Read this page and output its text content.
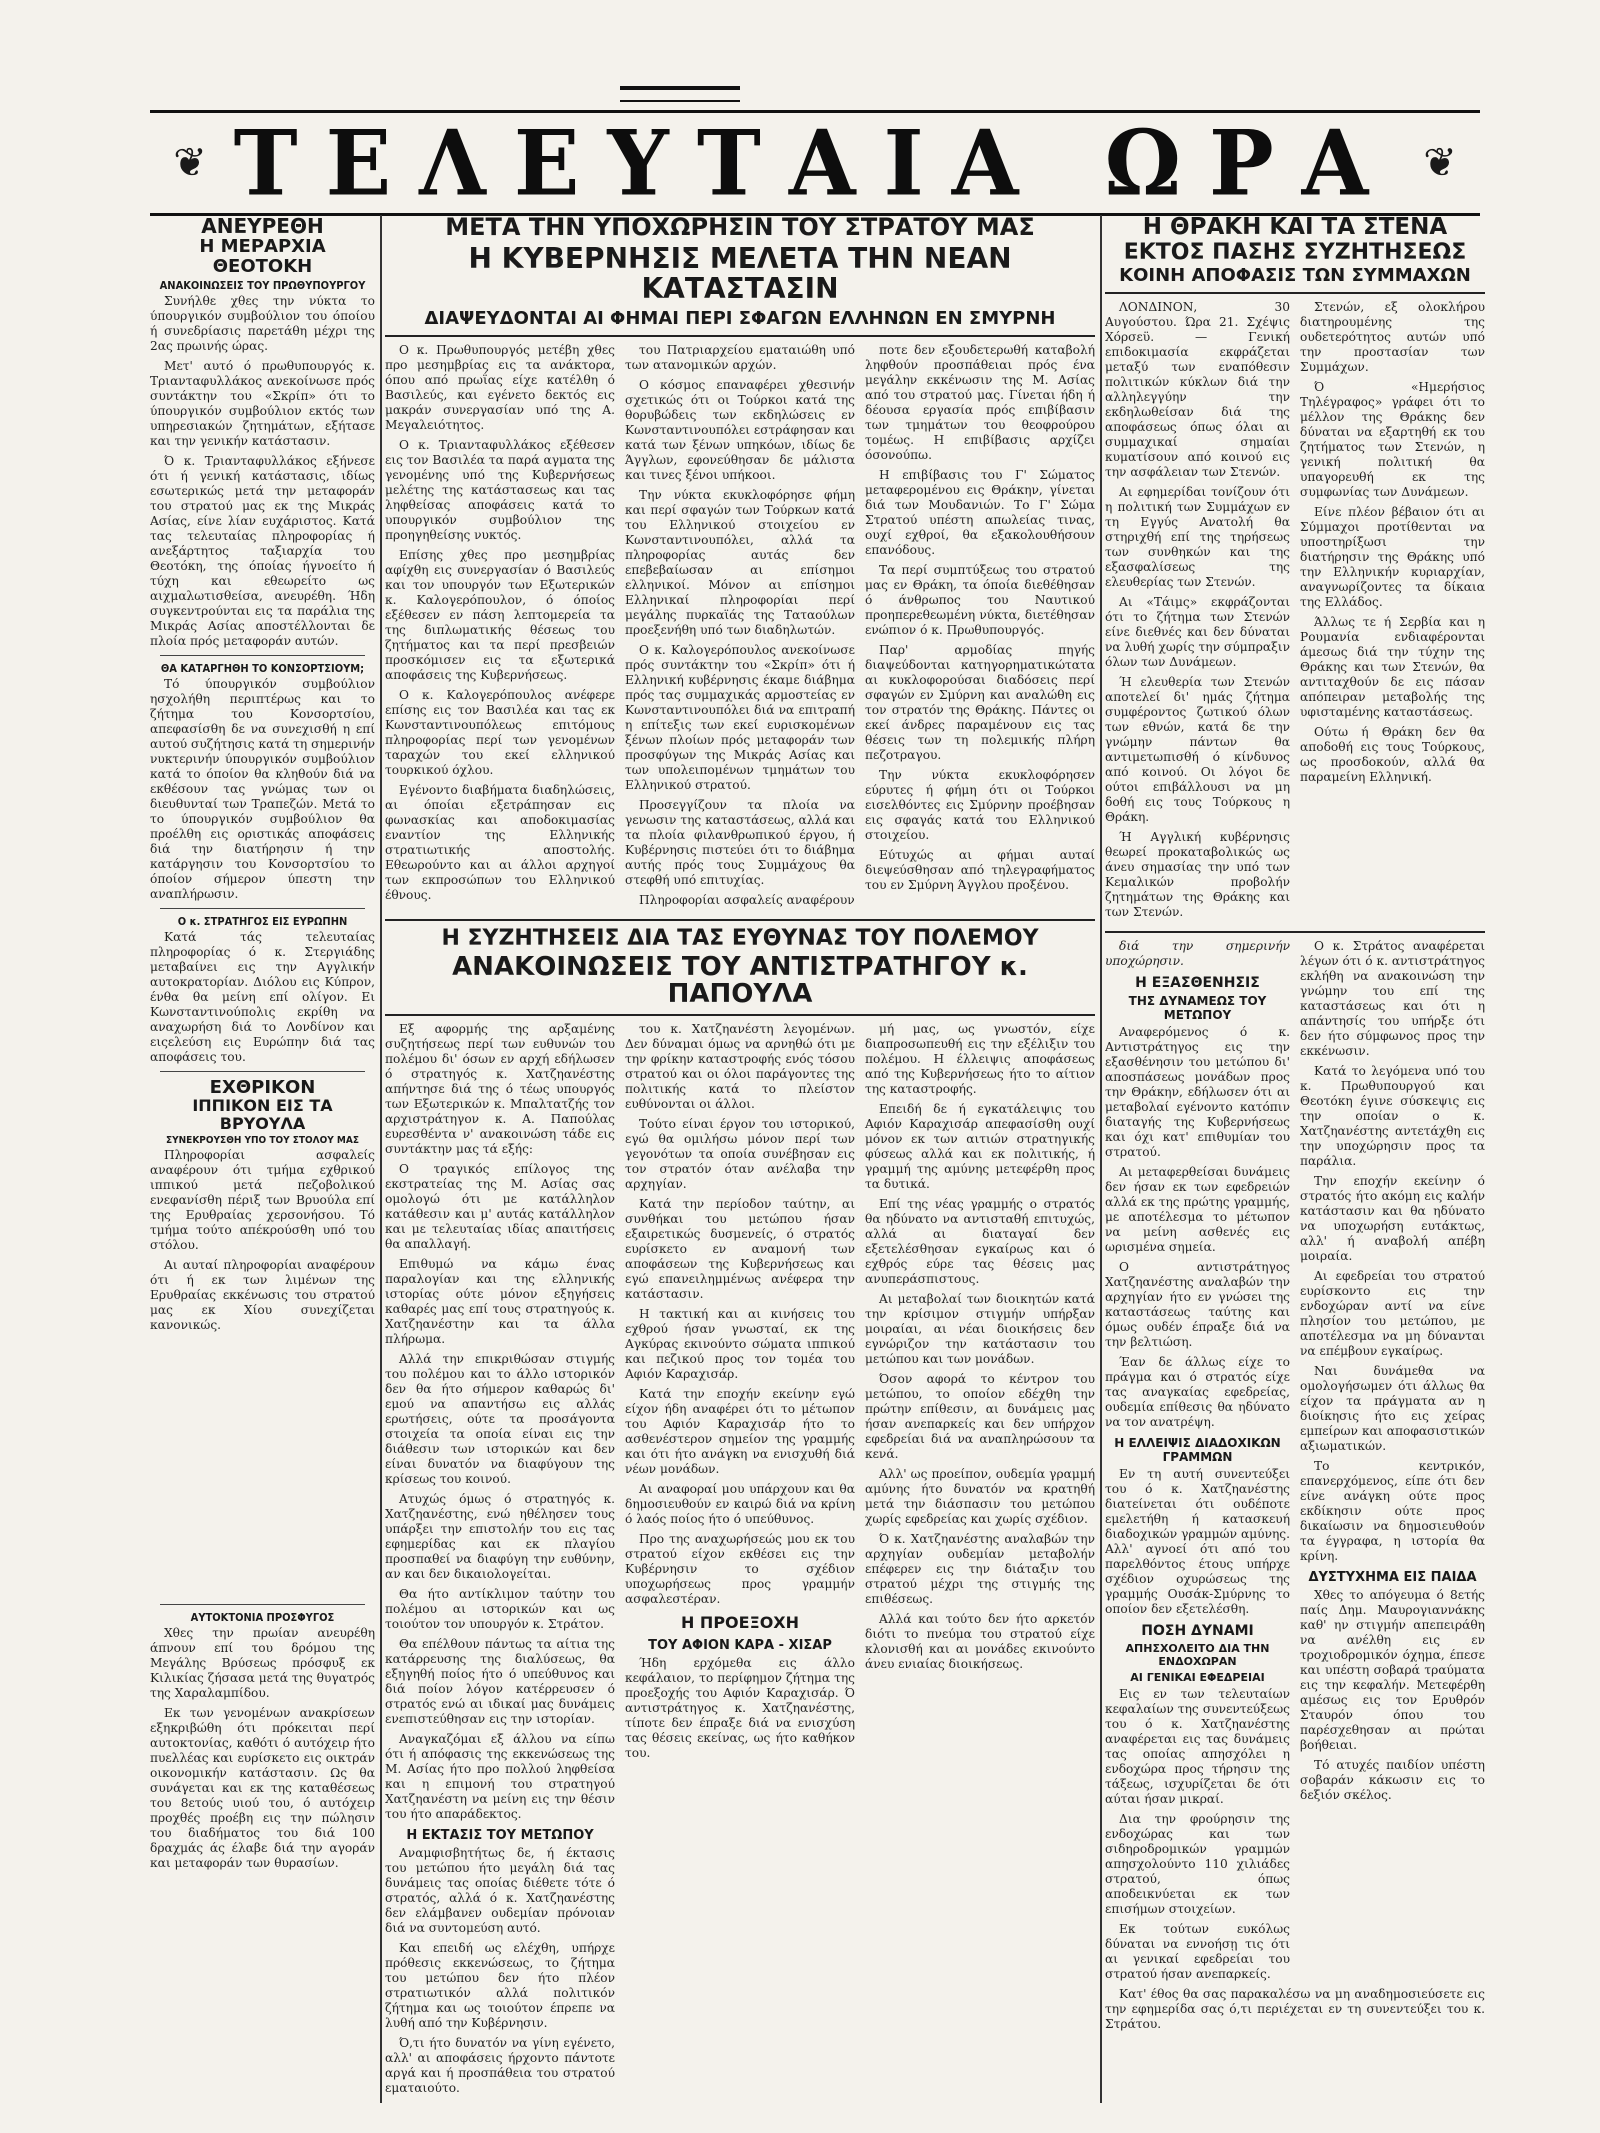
❦ ΤΕΛΕΥΤΑΙΑ ΩΡΑ ❦
ΑΝΕΥΡΕΘΗ
Η ΜΕΡΑΡΧΙΑ ΘΕΟΤΟΚΗ
ΑΝΑΚΟΙΝΩΣΕΙΣ ΤΟΥ ΠΡΩΘΥΠΟΥΡΓΟΥ

Συνήλθε χθες την νύκτα το ύπουργικόν συμβούλιον του όποίου ή συνεδρίασις παρετάθη μέχρι της 2ας πρωινής ώρας.

Μετ' αυτό ό πρωθυπουργός κ. Τριανταφυλλάκος ανεκοίνωσε πρός συντάκτην του «Σκρίπ» ότι το ύπουργικόν συμβούλιον εκτός των υπηρεσιακών ζητημάτων, εξήτασε και την γενικήν κατάστασιν.

Ό κ. Τριανταφυλλάκος εξήνεσε ότι ή γενική κατάστασις, ιδίως εσωτερικώς μετά την μεταφοράν του στρατού μας εκ της Μικράς Ασίας, είνε λίαν ευχάριστος. Κατά τας τελευταίας πληροφορίας ή ανεξάρτητος ταξιαρχία του Θεοτόκη, της όποίας ήγνοείτο ή τύχη και εθεωρείτο ως αιχμαλωτισθείσα, ανευρέθη. Ήδη συγκεντρούνται εις τα παράλια της Μικράς Ασίας αποστέλλονται δε πλοία πρός μεταφοράν αυτών.

ΘΑ ΚΑΤΑΡΓΗΘΗ ΤΟ ΚΟΝΣΟΡΤΣΙΟΥΜ;

Τό ύπουργικόν συμβούλιον ησχολήθη περιπτέρως και το ζήτημα του Κονσορτσίου, απεφασίσθη δε να συνεχισθή η επί αυτού συζήτησις κατά τη σημερινήν νυκτερινήν ύπουργικόν συμβούλιον κατά το όποίον θα κληθούν διά να εκθέσουν τας γνώμας των οι διευθυνταί των Τραπεζών. Μετά το το ύπουργικόν συμβούλιον θα προέλθη εις οριστικάς αποφάσεις διά την διατήρησιν ή την κατάργησιν του Κονσορτσίου το όποίον σήμερον ύπεστη την αναπλήρωσιν.

Ο κ. ΣΤΡΑΤΗΓΟΣ ΕΙΣ ΕΥΡΩΠΗΝ

Κατά τάς τελευταίας πληροφορίας ό κ. Στεργιάδης μεταβαίνει εις την Αγγλικήν αυτοκρατορίαν. Διόλου εις Κύπρον, ένθα θα μείνη επί ολίγον. Ει Κωνσταντινούπολις εκρίθη να αναχωρήση διά το Λονδίνον και ειςελεύση εις Ευρώπην διά τας αποφάσεις του.

ΕΧΘΡΙΚΟΝ
ΙΠΠΙΚΟΝ ΕΙΣ ΤΑ ΒΡΥΟΥΛΑ
ΣΥΝΕΚΡΟΥΣΘΗ ΥΠΟ ΤΟΥ ΣΤΟΛΟΥ ΜΑΣ

Πληροφορίαι ασφαλείς αναφέρουν ότι τμήμα εχθρικού ιππικού μετά πεζοβολικού ενεφανίσθη πέριξ των Βρυούλα επί της Ερυθραίας χερσονήσου. Τό τμήμα τούτο απέκρούσθη υπό του στόλου.

Αι αυταί πληροφορίαι αναφέρουν ότι ή εκ των λιμένων της Ερυθραίας εκκένωσις του στρατού μας εκ Χίου συνεχίζεται κανονικώς.

ΑΥΤΟΚΤΟΝΙΑ ΠΡΟΣΦΥΓΟΣ

Χθες την πρωίαν ανευρέθη άπνουν επί του δρόμου της Μεγάλης Βρύσεως πρόσφυξ εκ Κιλικίας ζήσασα μετά της θυγατρός της Χαραλαμπίδου.

Εκ των γενομένων ανακρίσεων εξηκριβώθη ότι πρόκειται περί αυτοκτονίας, καθότι ό αυτόχειρ ήτο πυελλέας και ευρίσκετο εις οικτράν οικονομικήν κατάστασιν. Ως θα συνάγεται και εκ της καταθέσεως του 8ετούς υιού του, ό αυτόχειρ προχθές προέβη εις την πώλησιν του διαδήματος του διά 100 δραχμάς άς έλαβε διά την αγοράν και μεταφοράν των θυρασίων.

ΜΕΤΑ ΤΗΝ ΥΠΟΧΩΡΗΣΙΝ ΤΟΥ ΣΤΡΑΤΟΥ ΜΑΣ
Η ΚΥΒΕΡΝΗΣΙΣ ΜΕΛΕΤΑ ΤΗΝ ΝΕΑΝ ΚΑΤΑΣΤΑΣΙΝ
ΔΙΑΨΕΥΔΟΝΤΑΙ ΑΙ ΦΗΜΑΙ ΠΕΡΙ ΣΦΑΓΩΝ ΕΛΛΗΝΩΝ ΕΝ ΣΜΥΡΝΗ

Ο κ. Πρωθυπουργός μετέβη χθες προ μεσημβρίας εις τα ανάκτορα, όπου από πρωΐας είχε κατέλθη ό Βασιλεύς, και εγένετο δεκτός εις μακράν συνεργασίαν υπό της Α. Μεγαλειότητος.

Ο κ. Τριανταφυλλάκος εξέθεσεν εις τον Βασιλέα τα παρά αγματα της γενομένης υπό της Κυβερνήσεως μελέτης της κατάστασεως και τας ληφθείσας αποφάσεις κατά το υπουργικόν συμβούλιον της προηγηθείσης νυκτός.

Επίσης χθες προ μεσημβρίας αφίχθη εις συνεργασίαν ό Βασιλεύς και τον υπουργόν των Εξωτερικών κ. Καλογερόπουλον, ό όποίος εξέθεσεν εν πάση λεπτομερεία τα της διπλωματικής θέσεως του ζητήματος και τα περί πρεσβειών προσκόμισεν εις τα εξωτερικά αποφάσεις της Κυβερνήσεως.

Ο κ. Καλογερόπουλος ανέφερε επίσης εις τον Βασιλέα και τας εκ Κωνσταντινουπόλεως επιτόμους πληροφορίας περί των γενομένων ταραχών του εκεί ελληνικού τουρκικού όχλου.

Εγένοντο διαβήματα διαδηλώσεις, αι όποίαι εξετράπησαν εις φωνασκίας και αποδοκιμασίας εναντίον της Ελληνικής στρατιωτικής αποστολής. Εθεωρούντο και αι άλλοι αρχηγοί των εκπροσώπων του Ελληνικού έθνους.

του Πατριαρχείου εματαιώθη υπό των ατανομικών αρχών.

Ο κόσμος επαναφέρει χθεσινήν σχετικώς ότι οι Τούρκοι κατά της θορυβώδεις των εκδηλώσεις εν Κωνσταντινουπόλει εστράφησαν και κατά των ξένων υπηκόων, ιδίως δε Άγγλων, εφονεύθησαν δε μάλιστα και τινες ξένοι υπήκοοι.

Την νύκτα εκυκλοφόρησε φήμη και περί σφαγών των Τούρκων κατά του Ελληνικού στοιχείου εν Κωνσταντινουπόλει, αλλά τα πληροφορίας αυτάς δεν επεβεβαίωσαν αι επίσημοι ελληνικοί. Μόνον αι επίσημοι Ελληνικαί πληροφορίαι περί μεγάλης πυρκαϊάς της Ταταούλων προεξενήθη υπό των διαδηλωτών.

Ο κ. Καλογερόπουλος ανεκοίνωσε πρός συντάκτην του «Σκρίπ» ότι ή Ελληνική κυβέρνησις έκαμε διάβημα πρός τας συμμαχικάς αρμοστείας εν Κωνσταντινουπόλει διά να επιτραπή η επίτεξις των εκεί ευρισκομένων ξένων πλοίων πρός μεταφοράν των προσφύγων της Μικράς Ασίας και των υπολειπομένων τμημάτων του Ελληνικού στρατού.

Προσεγγίζουν τα πλοία να γενωσιν της καταστάσεως, αλλά και τα πλοία φιλανθρωπικού έργου, ή Κυβέρνησις πιστεύει ότι το διάβημα αυτής πρός τους Συμμάχους θα στεφθή υπό επιτυχίας.

Πληροφορίαι ασφαλείς αναφέρουν

ποτε δεν εξουδετερωθή καταβολή ληφθούν προσπάθειαι πρός ένα μεγάλην εκκένωσιν της Μ. Ασίας από του στρατού μας. Γίνεται ήδη ή δέουσα εργασία πρός επιβίβασιν των τμημάτων του θεοφρούρου τομέως. Η επιβίβασις αρχίζει όσονούπω.

Η επιβίβασις του Γ' Σώματος μεταφερομένου εις Θράκην, γίνεται διά των Μουδανιών. Το Γ' Σώμα Στρατού υπέστη απωλείας τινας, ουχί εχθροί, θα εξακολουθήσουν επανόδους.

Τα περί συμπτύξεως του στρατού μας εν Θράκη, τα όποία διεθέθησαν ό άνθρωπος του Ναυτικού προηπερεθεωμένη νύκτα, διετέθησαν ενώπιον ό κ. Πρωθυπουργός.

Παρ' αρμοδίας πηγής διαψεύδονται κατηγορηματικώτατα αι κυκλοφορούσαι διαδόσεις περί σφαγών εν Σμύρνη και αναλώθη εις τον στρατόν της Θράκης. Πάντες οι εκεί άνδρες παραμένουν εις τας θέσεις των τη πολεμικής πλήρη πεζοτραγου.

Την νύκτα εκυκλοφόρησεν εύρυτες ή φήμη ότι οι Τούρκοι εισελθόντες εις Σμύρνην προέβησαν εις σφαγάς κατά του Ελληνικού στοιχείου.

Εύτυχώς αι φήμαι αυταί διεψεύσθησαν από τηλεγραφήματος του εν Σμύρνη Άγγλου προξένου.

Η ΣΥΖΗΤΗΣΕΙΣ ΔΙΑ ΤΑΣ ΕΥΘΥΝΑΣ ΤΟΥ ΠΟΛΕΜΟΥ
ΑΝΑΚΟΙΝΩΣΕΙΣ ΤΟΥ ΑΝΤΙΣΤΡΑΤΗΓΟΥ κ. ΠΑΠΟΥΛΑ

Εξ αφορμής της αρξαμένης συζητήσεως περί των ευθυνών του πολέμου δι' όσων εν αρχή εδήλωσεν ό στρατηγός κ. Χατζηανέστης απήντησε διά της ό τέως υπουργός των Εξωτερικών κ. Μπαλτατζής τον αρχιστράτηγον κ. Α. Παπούλας ευρεσθέντα ν' ανακοινώση τάδε εις συντάκτην μας τά εξής:

Ο τραγικός επίλογος της εκστρατείας της Μ. Ασίας σας ομολογώ ότι με κατάλληλον κατάθεσιν και μ' αυτάς κατάλληλον και με τελευταίας ιδίας απαιτήσεις θα απαλλαγή.

Επιθυμώ να κάμω ένας παραλογίαν και της ελληνικής ιστορίας ούτε μόνον εξηγήσεις καθαρές μας επί τους στρατηγούς κ. Χατζηανέστην και τα άλλα πλήρωμα.

Αλλά την επικριθώσαν στιγμής του πολέμου και το άλλο ιστορικόν δεν θα ήτο σήμερον καθαρώς δι' εμού να απαντήσω εις αλλάς ερωτήσεις, ούτε τα προσάγοντα στοιχεία τα οποία είναι εις την διάθεσιν των ιστορικών και δεν είναι δυνατόν να διαφύγουν της κρίσεως του κοινού.

Ατυχώς όμως ό στρατηγός κ. Χατζηανέστης, ενώ ηθέλησεν τους υπάρξει την επιστολήν του εις τας εφημερίδας και εκ πλαγίου προσπαθεί να διαφύγη την ευθύνην, αν και δεν δικαιολογείται.

Θα ήτο αντίκλιμον ταύτην του πολέμου αι ιστορικών και ως τοιούτον τον υπουργόν κ. Στράτον.

Θα επέλθουν πάντως τα αίτια της κατάρρευσης της διαλύσεως, θα εξηγηθή ποίος ήτο ό υπεύθυνος και διά ποίον λόγον κατέρρευσεν ό στρατός ενώ αι ιδικαί μας δυνάμεις ενεπιστεύθησαν εις την ιστορίαν.

Αναγκαζόμαι εξ άλλου να είπω ότι ή απόφασις της εκκενώσεως της Μ. Ασίας ήτο προ πολλού ληφθείσα και η επιμονή του στρατηγού Χατζηανέστη να μείνη εις την θέσιν του ήτο απαράδεκτος.

Η ΕΚΤΑΣΙΣ ΤΟΥ ΜΕΤΩΠΟΥ

Αναμφισβητήτως δε, ή έκτασις του μετώπου ήτο μεγάλη διά τας δυνάμεις τας οποίας διέθετε τότε ό στρατός, αλλά ό κ. Χατζηανέστης δεν ελάμβανεν ουδεμίαν πρόνοιαν διά να συντομεύση αυτό.

Και επειδή ως ελέχθη, υπήρχε πρόθεσις εκκενώσεως, το ζήτημα του μετώπου δεν ήτο πλέον στρατιωτικόν αλλά πολιτικόν ζήτημα και ως τοιούτον έπρεπε να λυθή από την Κυβέρνησιν.

Ό,τι ήτο δυνατόν να γίνη εγένετο, αλλ' αι αποφάσεις ήρχοντο πάντοτε αργά και ή προσπάθεια του στρατού εματαιούτο.

του κ. Χατζηανέστη λεγομένων. Δεν δύναμαι όμως να αρνηθώ ότι με την φρίκην καταστροφής ενός τόσου στρατού και οι όλοι παράγοντες της πολιτικής κατά το πλείστον ευθύνονται οι άλλοι.

Τούτο είναι έργον του ιστορικού, εγώ θα ομιλήσω μόνον περί των γεγονότων τα οποία συνέβησαν εις τον στρατόν όταν ανέλαβα την αρχηγίαν.

Κατά την περίοδον ταύτην, αι συνθήκαι του μετώπου ήσαν εξαιρετικώς δυσμενείς, ό στρατός ευρίσκετο εν αναμονή των αποφάσεων της Κυβερνήσεως και εγώ επανειλημμένως ανέφερα την κατάστασιν.

Η τακτική και αι κινήσεις του εχθρού ήσαν γνωσταί, εκ της Αγκύρας εκινούντο σώματα ιππικού και πεζικού προς τον τομέα του Αφιόν Καραχισάρ.

Κατά την εποχήν εκείνην εγώ είχον ήδη αναφέρει ότι το μέτωπον του Αφιόν Καραχισάρ ήτο το ασθενέστερον σημείον της γραμμής και ότι ήτο ανάγκη να ενισχυθή διά νέων μονάδων.

Αι αναφοραί μου υπάρχουν και θα δημοσιευθούν εν καιρώ διά να κρίνη ό λαός ποίος ήτο ό υπεύθυνος.

Προ της αναχωρήσεώς μου εκ του στρατού είχον εκθέσει εις την Κυβέρνησιν το σχέδιον υποχωρήσεως προς γραμμήν ασφαλεστέραν.

Η ΠΡΟΕΞΟΧΗ
ΤΟΥ ΑΦΙΟΝ ΚΑΡΑ - ΧΙΣΑΡ

Ήδη ερχόμεθα εις άλλο κεφάλαιον, το περίφημον ζήτημα της προεξοχής του Αφιόν Καραχισάρ. Ό αντιστράτηγος κ. Χατζηανέστης, τίποτε δεν έπραξε διά να ενισχύση τας θέσεις εκείνας, ως ήτο καθήκον του.

μή μας, ως γνωστόν, είχε διαπροσωπευθή εις την εξέλιξιν του πολέμου. Η έλλειψις αποφάσεως από της Κυβερνήσεως ήτο το αίτιον της καταστροφής.

Επειδή δε ή εγκατάλειψις του Αφιόν Καραχισάρ απεφασίσθη ουχί μόνον εκ των αιτιών στρατηγικής φύσεως αλλά και εκ πολιτικής, ή γραμμή της αμύνης μετεφέρθη προς τα δυτικά.

Επί της νέας γραμμής ο στρατός θα ηδύνατο να αντισταθή επιτυχώς, αλλά αι διαταγαί δεν εξετελέσθησαν εγκαίρως και ό εχθρός εύρε τας θέσεις μας ανυπεράσπιστους.

Αι μεταβολαί των διοικητών κατά την κρίσιμον στιγμήν υπήρξαν μοιραίαι, αι νέαι διοικήσεις δεν εγνώριζον την κατάστασιν του μετώπου και των μονάδων.

Όσον αφορά το κέντρον του μετώπου, το οποίον εδέχθη την πρώτην επίθεσιν, αι δυνάμεις μας ήσαν ανεπαρκείς και δεν υπήρχον εφεδρείαι διά να αναπληρώσουν τα κενά.

Αλλ' ως προείπον, ουδεμία γραμμή αμύνης ήτο δυνατόν να κρατηθή μετά την διάσπασιν του μετώπου χωρίς εφεδρείας και χωρίς σχέδιον.

Ό κ. Χατζηανέστης αναλαβών την αρχηγίαν ουδεμίαν μεταβολήν επέφερεν εις την διάταξιν του στρατού μέχρι της στιγμής της επιθέσεως.

Αλλά και τούτο δεν ήτο αρκετόν διότι το πνεύμα του στρατού είχε κλονισθή και αι μονάδες εκινούντο άνευ ενιαίας διοικήσεως.

Η ΘΡΑΚΗ ΚΑΙ ΤΑ ΣΤΕΝΑ
ΕΚΤΟΣ ΠΑΣΗΣ ΣΥΖΗΤΗΣΕΩΣ
ΚΟΙΝΗ ΑΠΟΦΑΣΙΣ ΤΩΝ ΣΥΜΜΑΧΩΝ

ΛΟΝΔΙΝΟΝ, 30 Αυγούστου. Ώρα 21. Σχέψις Χόρσεϋ. — Γενική επιδοκιμασία εκφράζεται μεταξύ των εναπόθεσιν πολιτικών κύκλων διά την αλληλεγγύην την εκδηλωθείσαν διά της αποφάσεως όπως όλαι αι συμμαχικαί σημαίαι κυματίσουν από κοινού εις την ασφάλειαν των Στενών.

Αι εφημερίδαι τονίζουν ότι η πολιτική των Συμμάχων εν τη Εγγύς Ανατολή θα στηριχθή επί της τηρήσεως των συνθηκών και της εξασφαλίσεως της ελευθερίας των Στενών.

Αι «Τάιμς» εκφράζονται ότι το ζήτημα των Στενών είνε διεθνές και δεν δύναται να λυθή χωρίς την σύμπραξιν όλων των Δυνάμεων.

Ή ελευθερία των Στενών αποτελεί δι' ημάς ζήτημα συμφέροντος ζωτικού όλων των εθνών, κατά δε την γνώμην πάντων θα αντιμετωπισθή ό κίνδυνος από κοινού. Οι λόγοι δε ούτοι επιβάλλουσι να μη δοθή εις τους Τούρκους η Θράκη.

Ή Αγγλική κυβέρνησις θεωρεί προκαταβολικώς ως άνευ σημασίας την υπό των Κεμαλικών προβολήν ζητημάτων της Θράκης και των Στενών.

Στενών, εξ ολοκλήρου διατηρουμένης της ουδετερότητος αυτών υπό την προστασίαν των Συμμάχων.

Ό «Ημερήσιος Τηλέγραφος» γράφει ότι το μέλλον της Θράκης δεν δύναται να εξαρτηθή εκ του ζητήματος των Στενών, η γενική πολιτική θα υπαγορευθή εκ της συμφωνίας των Δυνάμεων.

Είνε πλέον βέβαιον ότι αι Σύμμαχοι προτίθενται να υποστηρίξωσι την διατήρησιν της Θράκης υπό την Ελληνικήν κυριαρχίαν, αναγνωρίζοντες τα δίκαια της Ελλάδος.

Άλλως τε ή Σερβία και η Ρουμανία ενδιαφέρονται άμεσως διά την τύχην της Θράκης και των Στενών, θα αντιταχθούν δε εις πάσαν απόπειραν μεταβολής της υφισταμένης καταστάσεως.

Ούτω ή Θράκη δεν θα αποδοθή εις τους Τούρκους, ως προσδοκούν, αλλά θα παραμείνη Ελληνική.

διά την σημερινήν υποχώρησιν.

Η ΕΞΑΣΘΕΝΗΣΙΣ
ΤΗΣ ΔΥΝΑΜΕΩΣ ΤΟΥ ΜΕΤΩΠΟΥ

Αναφερόμενος ό κ. Αντιστράτηγος εις την εξασθένησιν του μετώπου δι' αποσπάσεως μονάδων προς την Θράκην, εδήλωσεν ότι αι μεταβολαί εγένοντο κατόπιν διαταγής της Κυβερνήσεως και όχι κατ' επιθυμίαν του στρατού.

Αι μεταφερθείσαι δυνάμεις δεν ήσαν εκ των εφεδρειών αλλά εκ της πρώτης γραμμής, με αποτέλεσμα το μέτωπον να μείνη ασθενές εις ωρισμένα σημεία.

Ο αντιστράτηγος Χατζηανέστης αναλαβών την αρχηγίαν ήτο εν γνώσει της καταστάσεως ταύτης και όμως ουδέν έπραξε διά να την βελτιώση.

Έαν δε άλλως είχε το πράγμα και ό στρατός είχε τας αναγκαίας εφεδρείας, ουδεμία επίθεσις θα ηδύνατο να τον ανατρέψη.

Η ΕΛΛΕΙΨΙΣ ΔΙΑΔΟΧΙΚΩΝ ΓΡΑΜΜΩΝ

Εν τη αυτή συνεντεύξει του ό κ. Χατζηανέστης διατείνεται ότι ουδέποτε εμελετήθη ή κατασκευή διαδοχικών γραμμών αμύνης. Αλλ' αγνοεί ότι από του παρελθόντος έτους υπήρχε σχέδιον οχυρώσεως της γραμμής Ουσάκ-Σμύρνης το οποίον δεν εξετελέσθη.

ΠΟΣΗ ΔΥΝΑΜΙ
ΑΠΗΣΧΟΛΕΙΤΟ ΔΙΑ ΤΗΝ ΕΝΔΟΧΩΡΑΝ
ΑΙ ΓΕΝΙΚΑΙ ΕΦΕΔΡΕΙΑΙ

Εις εν των τελευταίων κεφαλαίων της συνεντεύξεως του ό κ. Χατζηανέστης αναφέρεται εις τας δυνάμεις τας οποίας απησχόλει η ενδοχώρα προς τήρησιν της τάξεως, ισχυρίζεται δε ότι αύται ήσαν μικραί.

Δια την φρούρησιν της ενδοχώρας και των σιδηροδρομικών γραμμών απησχολούντο 110 χιλιάδες στρατού, όπως αποδεικνύεται εκ των επισήμων στοιχείων.

Εκ τούτων ευκόλως δύναται να εννοήσῃ τις ότι αι γενικαί εφεδρείαι του στρατού ήσαν ανεπαρκείς.

Ο κ. Στράτος αναφέρεται λέγων ότι ό κ. αντιστράτηγος εκλήθη να ανακοινώση την γνώμην του επί της καταστάσεως και ότι η απάντησίς του υπήρξε ότι δεν ήτο σύμφωνος προς την εκκένωσιν.

Κατά το λεγόμενα υπό του κ. Πρωθυπουργού και Θεοτόκη έγινε σύσκεψις εις την οποίαν ο κ. Χατζηανέστης αντετάχθη εις την υποχώρησιν προς τα παράλια.

Την εποχήν εκείνην ό στρατός ήτο ακόμη εις καλήν κατάστασιν και θα ηδύνατο να υποχωρήση ευτάκτως, αλλ' ή αναβολή απέβη μοιραία.

Αι εφεδρείαι του στρατού ευρίσκοντο εις την ενδοχώραν αντί να είνε πλησίον του μετώπου, με αποτέλεσμα να μη δύνανται να επέμβουν εγκαίρως.

Ναι δυνάμεθα να ομολογήσωμεν ότι άλλως θα είχον τα πράγματα αν η διοίκησις ήτο εις χείρας εμπείρων και αποφασιστικών αξιωματικών.

Το κεντρικόν, επανερχόμενος, είπε ότι δεν είνε ανάγκη ούτε προς εκδίκησιν ούτε προς δικαίωσιν να δημοσιευθούν τα έγγραφα, η ιστορία θα κρίνη.

ΔΥΣΤΥΧΗΜΑ ΕΙΣ ΠΑΙΔΑ

Χθες το απόγευμα ό 8ετής παίς Δημ. Μαυρογιαννάκης καθ' ην στιγμήν απεπειράθη να ανέλθη εις εν τροχιοδρομικόν όχημα, έπεσε και υπέστη σοβαρά τραύματα εις την κεφαλήν. Μετεφέρθη αμέσως εις τον Ερυθρόν Σταυρόν όπου του παρέσχεθησαν αι πρώται βοήθειαι.

Τό ατυχές παιδίον υπέστη σοβαράν κάκωσιν εις το δεξιόν σκέλος.

Κατ' έθος θα σας παρακαλέσω να μη αναδημοσιεύσετε εις την εφημερίδα σας ό,τι περιέχεται εν τη συνεντεύξει του κ. Στράτου.
